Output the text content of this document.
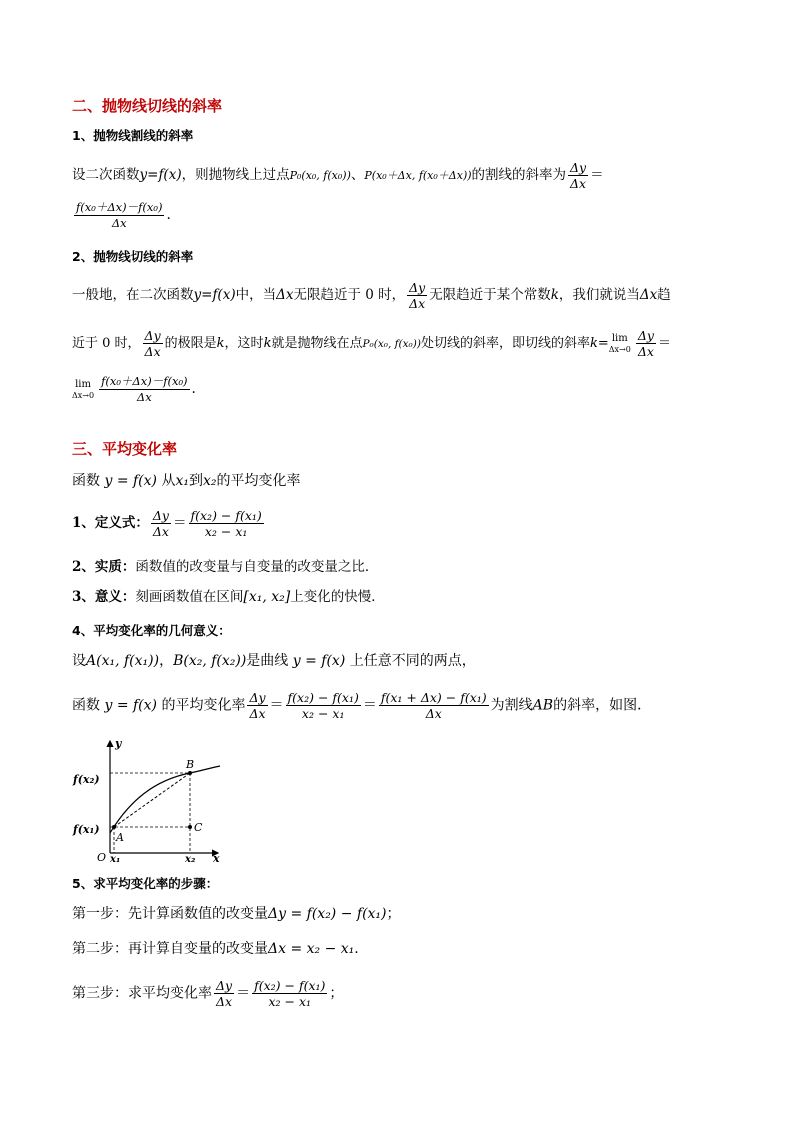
二、抛物线切线的斜率
1、抛物线割线的斜率
设二次函数y=f(x)，则抛物线上过点P₀(x₀, f(x₀))、P(x₀＋Δx, f(x₀＋Δx))的割线的斜率为 $\frac{\Delta y}{\Delta x}$ ＝
$\frac{\text{f(x₀＋Δx)－f(x₀)}}{\Delta x}$ .
2、抛物线切线的斜率
一般地，在二次函数y=f(x)中，当Δx无限趋近于 0 时， $\frac{\Delta y}{\Delta x}$ 无限趋近于某个常数k，我们就说当Δx趋
近于 0 时， $\frac{\Delta y}{\Delta x}$ 的极限是k，这时k就是抛物线在点P₀(x₀, f(x₀))处切线的斜率，即切线的斜率k= lim
$\Delta x\to 0 \frac{\Delta y}{\Delta x}$ ＝
lim
$\Delta x\to 0 \frac{\text{f(x₀＋Δx)－f(x₀)}}{\Delta x}$ .
三、平均变化率
函数 y = f(x) 从x₁到x₂的平均变化率
1、定义式： $\frac{\Delta y}{\Delta x} = \frac{\text{f(x₂) − f(x₁)}}{\text{x₂ − x₁}}$
2、实质：函数值的改变量与自变量的改变量之比．
3、意义：刻画函数值在区间[x₁, x₂]上变化的快慢．
4、平均变化率的几何意义：
设A(x₁, f(x₁))，B(x₂, f(x₂))是曲线 y = f(x) 上任意不同的两点，
函数 y = f(x) 的平均变化率 $\frac{\Delta y}{\Delta x} = \frac{\text{f(x₂) − f(x₁)}}{\text{x₂ − x₁}} = \frac{\text{f(x₁ + Δx) − f(x₁)}}{\Delta x}$ 为割线AB的斜率，如图．
y
x
O
f(x₂)
f(x₁)
B
A
C
x₁	x₂
5、求平均变化率的步骤：
第一步：先计算函数值的改变量Δy = f(x₂) − f(x₁)；
第二步：再计算自变量的改变量Δx = x₂ − x₁.
第三步：求平均变化率 $\frac{\Delta y}{\Delta x} = \frac{\text{f(x₂) − f(x₁)}}{\text{x₂ − x₁}}$ ；
